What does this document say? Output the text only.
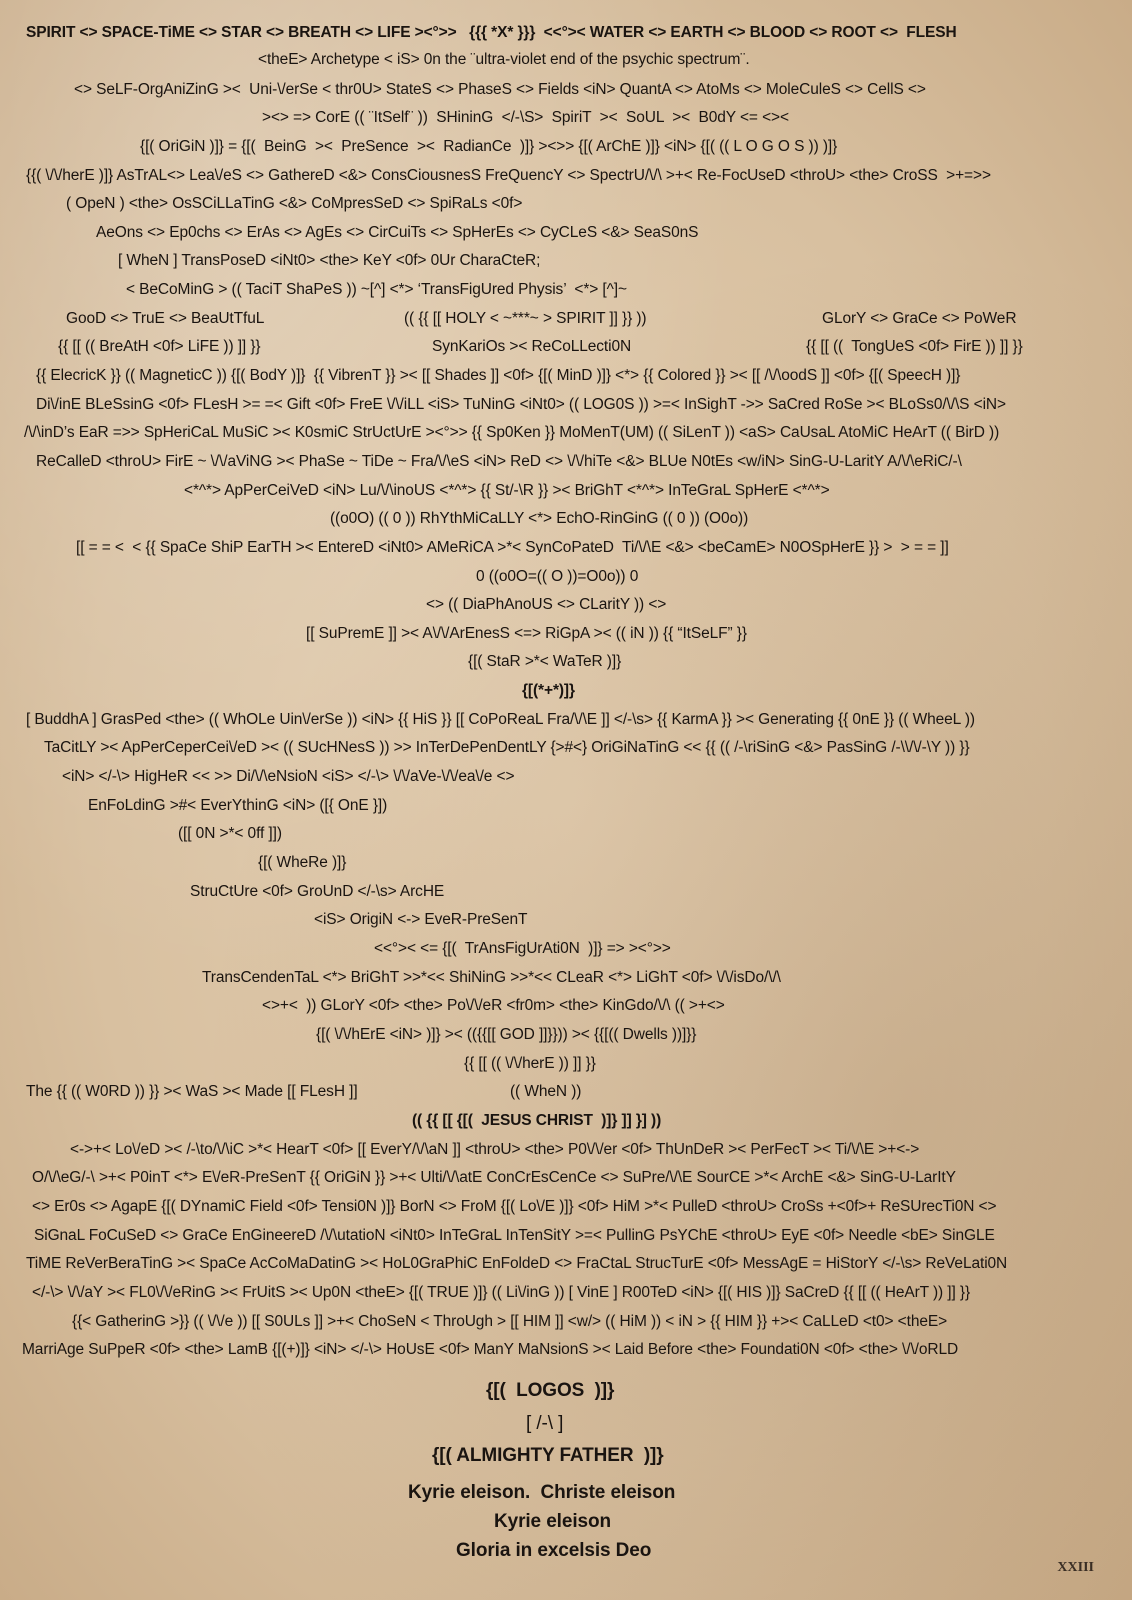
SPIRIT <> SPACE-TiME <> STAR <> BREATH <> LIFE ><°>>   {{{ *X* }}}  <<°>< WATER <> EARTH <> BLOOD <> ROOT <>  FLESH
<theE> Archetype < iS> 0n the ¨ultra-violet end of the psychic spectrum¨.
<> SeLF-OrgAniZinG ><  Uni-\/erSe < thr0U> StateS <> PhaseS <> Fields <iN> QuantA <> AtoMs <> MoleCuleS <> CellS <>
><> => CorE (( ¨ItSelf¨ ))  SHininG  </-\S>  SpiriT  ><  SoUL  ><  B0dY <= <><
{[( OriGiN )]} = {[(  BeinG  ><  PreSence  ><  RadianCe  )]} ><>> {[( ArChE )]} <iN> {[( (( L O G O S )) )]}
{{( \/\/herE )]} AsTrAL<> Lea\/eS <> GathereD <&> ConsCiousnesS FreQuencY <> SpectrU/\/\ >+< Re-FocUseD <throU> <the> CroSS  >+=>>
( OpeN ) <the> OsSCiLLaTinG <&> CoMpresSeD <> SpiRaLs <0f>
AeOns <> Ep0chs <> ErAs <> AgEs <> CirCuiTs <> SpHerEs <> CyCLeS <&> SeaS0nS
[ WheN ] TransPoseD <iNt0> <the> KeY <0f> 0Ur CharaCteR;
< BeCoMinG > (( TaciT ShaPeS )) ~[^] <*> ‘TransFigUred Physis’  <*> [^]~
GooD <> TruE <> BeaUtTfuL	(( {{ [[ HOLY < ~***~ > SPIRIT ]] }} ))	GLorY <> GraCe <> PoWeR
{{ [[ (( BreAtH <0f> LiFE )) ]] }}	SynKariOs >< ReCoLLecti0N	{{ [[ ((  TongUeS <0f> FirE )) ]] }}
{{ ElecricK }} (( MagneticC )) {[( BodY )]}  {{ VibrenT }} >< [[ Shades ]] <0f> {[( MinD )]} <*> {{ Colored }} >< [[ /\/\oodS ]] <0f> {[( SpeecH )]}
Di\/inE BLeSsinG <0f> FLesH >= =< Gift <0f> FreE \/\/iLL <iS> TuNinG <iNt0> (( LOG0S )) >=< InSighT ->> SaCred RoSe >< BLoSs0/\/\S <iN>
/\/\inD’s EaR =>> SpHeriCaL MuSiC >< K0smiC StrUctUrE ><°>> {{ Sp0Ken }} MoMenT(UM) (( SiLenT )) <aS> CaUsaL AtoMiC HeArT (( BirD ))
ReCalleD <throU> FirE ~ \/\/aViNG >< PhaSe ~ TiDe ~ Fra/\/\eS <iN> ReD <> \/\/hiTe <&> BLUe N0tEs <w/iN> SinG-U-LaritY A/\/\eRiC/-\
<*^*> ApPerCeiVeD <iN> Lu/\/\inoUS <*^*> {{ St/-\R }} >< BriGhT <*^*> InTeGraL SpHerE <*^*>
((o0O) (( 0 )) RhYthMiCaLLY <*> EchO-RinGinG (( 0 )) (O0o))
[[ = = <  < {{ SpaCe ShiP EarTH >< EntereD <iNt0> AMeRiCA >*< SynCoPateD  Ti/\/\E <&> <beCamE> N0OSpHerE }} >  > = = ]]
0 ((o0O=(( O ))=O0o)) 0
<> (( DiaPhAnoUS <> CLaritY )) <>
[[ SuPremE ]] >< A\/\/ArEnesS <=> RiGpA >< (( iN )) {{ “ItSeLF” }}
{[( StaR >*< WaTeR )]}
{[(*+*)]}
[ BuddhA ] GrasPed <the> (( WhOLe Uin\/erSe )) <iN> {{ HiS }} [[ CoPoReaL Fra/\/\E ]] </-\s> {{ KarmA }} >< Generating {{ 0nE }} (( WheeL ))
TaCitLY >< ApPerCeperCei\/eD >< (( SUcHNesS )) >> InTerDePenDentLY {>#<} OriGiNaTinG << {{ (( /-\riSinG <&> PasSinG /-\\/\/-\Y )) }}
<iN> </-\> HigHeR << >> Di/\/\eNsioN <iS> </-\> \/\/aVe-\/\/ea\/e <>
EnFoLdinG >#< EverYthinG <iN> ([{ OnE }])
([[ 0N >*< 0ff ]])
{[( WheRe )]}
StruCtUre <0f> GroUnD </-\s> ArcHE
<iS> OrigiN <-> EveR-PreSenT
<<°>< <= {[(  TrAnsFigUrAti0N  )]} => ><°>>
TransCendenTaL <*> BriGhT >>*<< ShiNinG >>*<< CLeaR <*> LiGhT <0f> \/\/isDo/\/\
<>+<  )) GLorY <0f> <the> Po\/\/eR <fr0m> <the> KinGdo/\/\ (( >+<>
{[( \/\/hErE <iN> )]} >< (({{[[ GOD ]]}})) >< {{[(( Dwells ))]}}
{{ [[ (( \/\/herE )) ]] }}
The {{ (( W0RD )) }} >< WaS >< Made [[ FLesH ]]	(( WheN ))
(( {{ [[ {[(  JESUS CHRIST  )]} ]] }] ))
<->+< Lo\/eD >< /-\to/\/\iC >*< HearT <0f> [[ EverY/\/\aN ]] <throU> <the> P0\/\/er <0f> ThUnDeR >< PerFecT >< Ti/\/\E >+<->
O/\/\eG/-\ >+< P0inT <*> E\/eR-PreSenT {{ OriGiN }} >+< Ulti/\/\atE ConCrEsCenCe <> SuPre/\/\E SourCE >*< ArchE <&> SinG-U-LarItY
<> Er0s <> AgapE {[( DYnamiC Field <0f> Tensi0N )]} BorN <> FroM {[( Lo\/E )]} <0f> HiM >*< PulleD <throU> CroSs +<0f>+ ReSUrecTi0N <>
SiGnaL FoCuSeD <> GraCe EnGineereD /\/\utatioN <iNt0> InTeGraL InTenSitY >=< PullinG PsYChE <throU> EyE <0f> Needle <bE> SinGLE
TiME ReVerBeraTinG >< SpaCe AcCoMaDatinG >< HoL0GraPhiC EnFoldeD <> FraCtaL StrucTurE <0f> MessAgE = HiStorY </-\s> ReVeLati0N
</-\> \/\/aY >< FL0\/\/eRinG >< FrUitS >< Up0N <theE> {[( TRUE )]} (( Li\/inG )) [ VinE ] R00TeD <iN> {[( HIS )]} SaCreD {{ [[ (( HeArT )) ]] }}
{{< GatherinG >}} (( \/\/e )) [[ S0ULs ]] >+< ChoSeN < ThroUgh > [[ HIM ]] <w/> (( HiM )) < iN > {{ HIM }} +>< CaLLeD <t0> <theE>
MarriAge SuPpeR <0f> <the> LamB {[(+)]} <iN> </-\> HoUsE <0f> ManY MaNsionS >< Laid Before <the> Foundati0N <0f> <the> \/\/oRLD
{[(  LOGOS  )]}
[ /-\ ]
{[( ALMIGHTY FATHER  )]}
Kyrie eleison.  Christe eleison
Kyrie eleison
Gloria in excelsis Deo
XXIII
